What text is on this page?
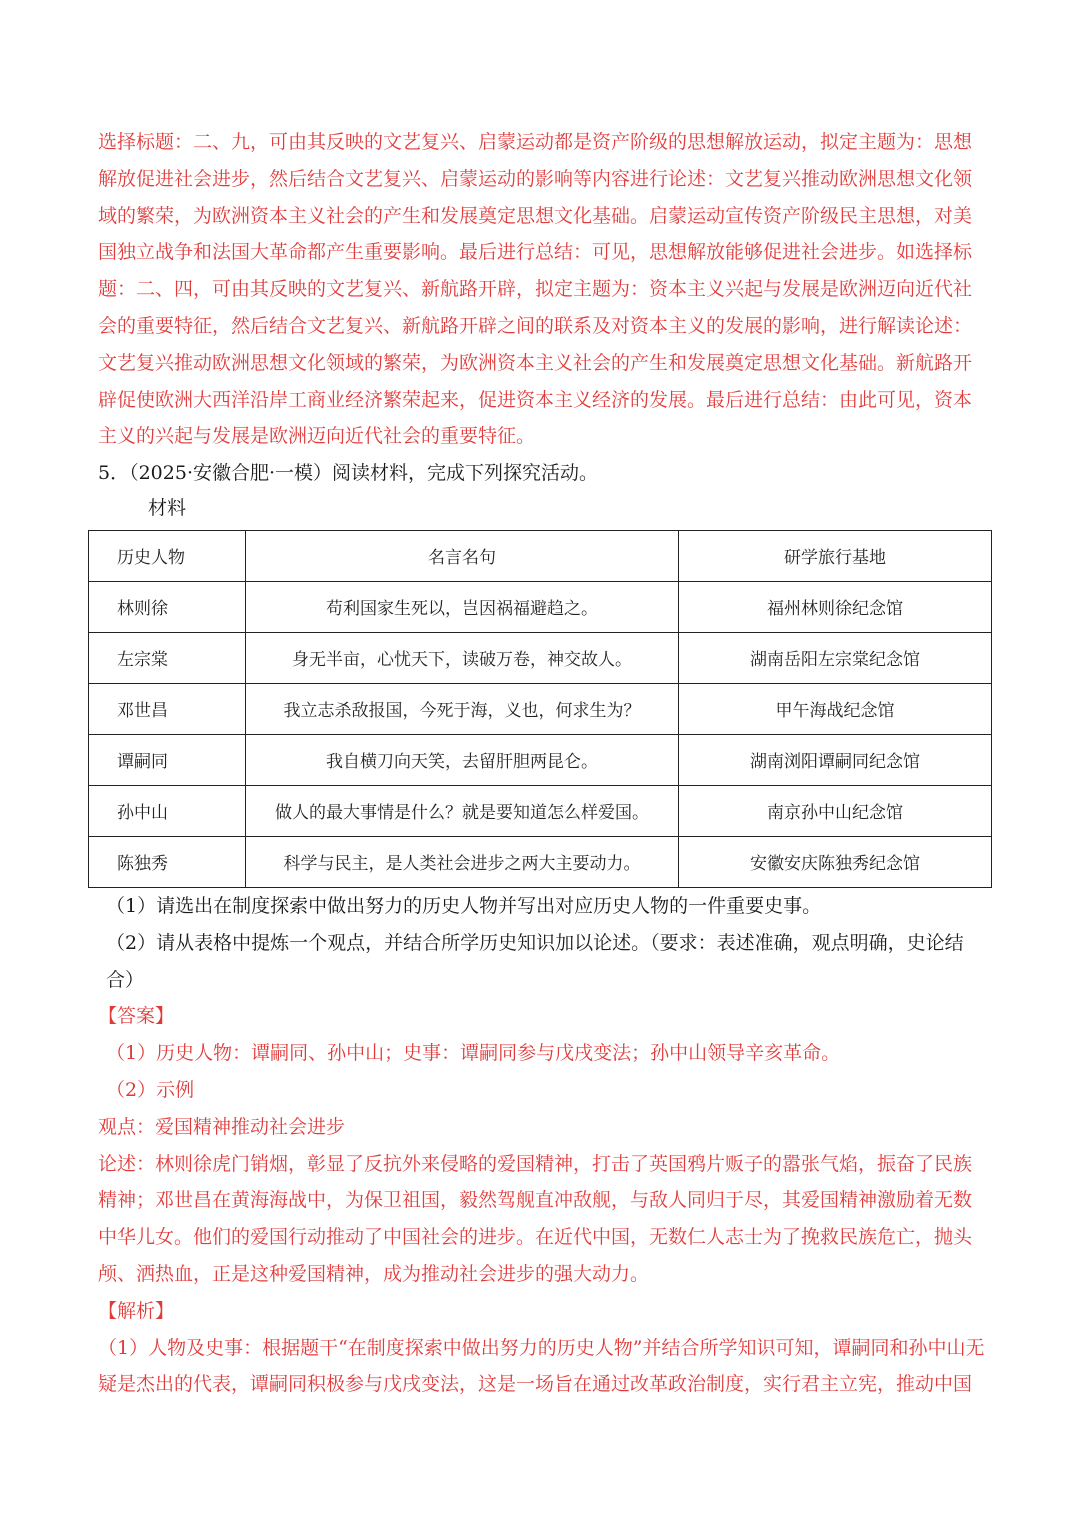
选择标题：二、九，可由其反映的文艺复兴、启蒙运动都是资产阶级的思想解放运动，拟定主题为：思想

解放促进社会进步，然后结合文艺复兴、启蒙运动的影响等内容进行论述：文艺复兴推动欧洲思想文化领

域的繁荣，为欧洲资本主义社会的产生和发展奠定思想文化基础。启蒙运动宣传资产阶级民主思想，对美

国独立战争和法国大革命都产生重要影响。最后进行总结：可见，思想解放能够促进社会进步。如选择标

题：二、四，可由其反映的文艺复兴、新航路开辟，拟定主题为：资本主义兴起与发展是欧洲迈向近代社

会的重要特征，然后结合文艺复兴、新航路开辟之间的联系及对资本主义的发展的影响，进行解读论述：

文艺复兴推动欧洲思想文化领域的繁荣，为欧洲资本主义社会的产生和发展奠定思想文化基础。新航路开

辟促使欧洲大西洋沿岸工商业经济繁荣起来，促进资本主义经济的发展。最后进行总结：由此可见，资本

主义的兴起与发展是欧洲迈向近代社会的重要特征。

5．（2025·安徽合肥·一模）阅读材料，完成下列探究活动。

材料

历史人物	名言名句	研学旅行基地
林则徐	苟利国家生死以，岂因祸福避趋之。	福州林则徐纪念馆
左宗棠	身无半亩，心忧天下，读破万卷，神交故人。	湖南岳阳左宗棠纪念馆
邓世昌	我立志杀敌报国，今死于海，义也，何求生为？	甲午海战纪念馆
谭嗣同	我自横刀向天笑，去留肝胆两昆仑。	湖南浏阳谭嗣同纪念馆
孙中山	做人的最大事情是什么？就是要知道怎么样爱国。	南京孙中山纪念馆
陈独秀	科学与民主，是人类社会进步之两大主要动力。	安徽安庆陈独秀纪念馆

（1）请选出在制度探索中做出努力的历史人物并写出对应历史人物的一件重要史事。

（2）请从表格中提炼一个观点，并结合所学历史知识加以论述。（要求：表述准确，观点明确，史论结合）

【答案】

（1）历史人物：谭嗣同、孙中山；史事：谭嗣同参与戊戌变法；孙中山领导辛亥革命。

（2）示例

观点：爱国精神推动社会进步

论述：林则徐虎门销烟，彰显了反抗外来侵略的爱国精神，打击了英国鸦片贩子的嚣张气焰，振奋了民族

精神；邓世昌在黄海海战中，为保卫祖国，毅然驾舰直冲敌舰，与敌人同归于尽，其爱国精神激励着无数

中华儿女。他们的爱国行动推动了中国社会的进步。在近代中国，无数仁人志士为了挽救民族危亡，抛头

颅、洒热血，正是这种爱国精神，成为推动社会进步的强大动力。

【解析】

（1）人物及史事：根据题干“在制度探索中做出努力的历史人物”并结合所学知识可知，谭嗣同和孙中山无

疑是杰出的代表，谭嗣同积极参与戊戌变法，这是一场旨在通过改革政治制度，实行君主立宪，推动中国
